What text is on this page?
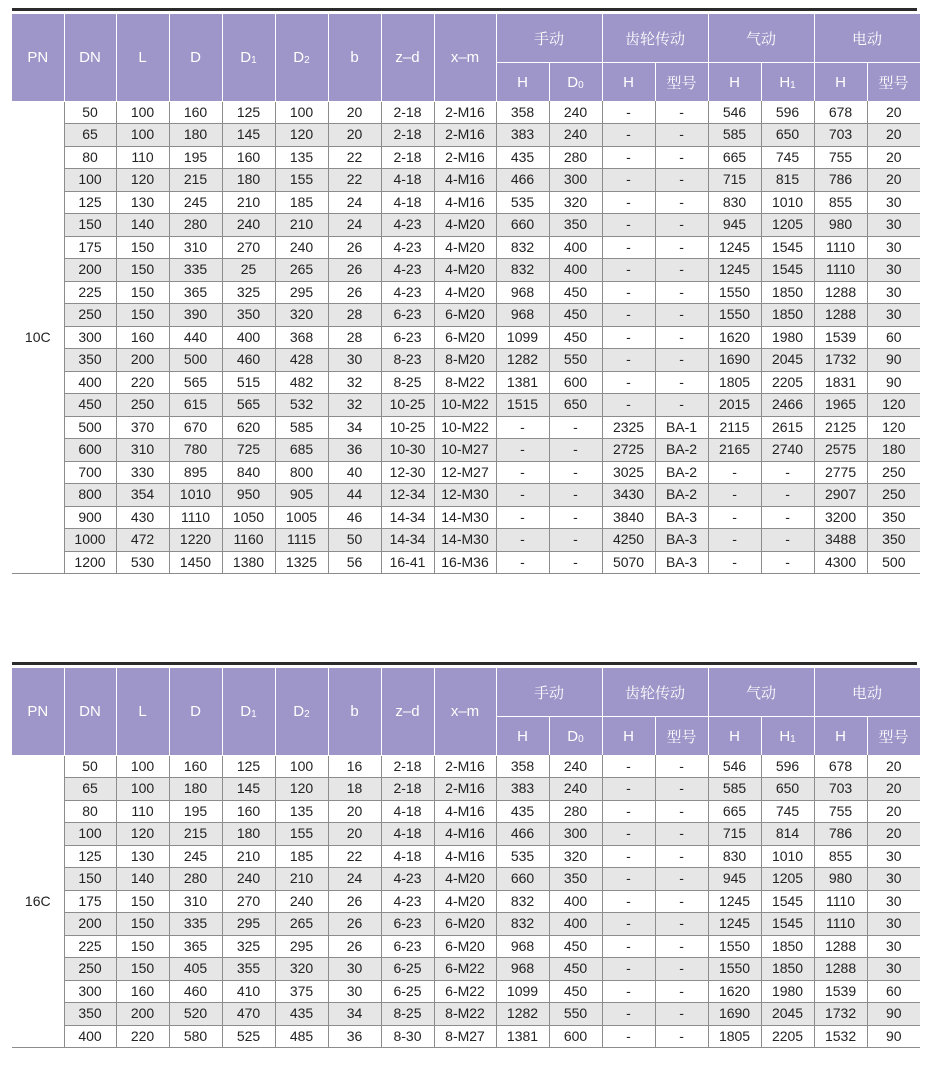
PN	DN	L	D	$D_1$	$D_2$	b	z–d	x–m	手动		齿轮传动		气动		电动	
									H	$D_0$	H	型号	H	$H_1$	H	型号
10C	50	100	160	125	100	20	2-18	2-M16	358	240	-	-	546	596	678	20
	65	100	180	145	120	20	2-18	2-M16	383	240	-	-	585	650	703	20
	80	110	195	160	135	22	2-18	2-M16	435	280	-	-	665	745	755	20
	100	120	215	180	155	22	4-18	4-M16	466	300	-	-	715	815	786	20
	125	130	245	210	185	24	4-18	4-M16	535	320	-	-	830	1010	855	30
	150	140	280	240	210	24	4-23	4-M20	660	350	-	-	945	1205	980	30
	175	150	310	270	240	26	4-23	4-M20	832	400	-	-	1245	1545	1110	30
	200	150	335	25	265	26	4-23	4-M20	832	400	-	-	1245	1545	1110	30
	225	150	365	325	295	26	4-23	4-M20	968	450	-	-	1550	1850	1288	30
	250	150	390	350	320	28	6-23	6-M20	968	450	-	-	1550	1850	1288	30
	300	160	440	400	368	28	6-23	6-M20	1099	450	-	-	1620	1980	1539	60
	350	200	500	460	428	30	8-23	8-M20	1282	550	-	-	1690	2045	1732	90
	400	220	565	515	482	32	8-25	8-M22	1381	600	-	-	1805	2205	1831	90
	450	250	615	565	532	32	10-25	10-M22	1515	650	-	-	2015	2466	1965	120
	500	370	670	620	585	34	10-25	10-M22	-	-	2325	BA-1	2115	2615	2125	120
	600	310	780	725	685	36	10-30	10-M27	-	-	2725	BA-2	2165	2740	2575	180
	700	330	895	840	800	40	12-30	12-M27	-	-	3025	BA-2	-	-	2775	250
	800	354	1010	950	905	44	12-34	12-M30	-	-	3430	BA-2	-	-	2907	250
	900	430	1110	1050	1005	46	14-34	14-M30	-	-	3840	BA-3	-	-	3200	350
	1000	472	1220	1160	1115	50	14-34	14-M30	-	-	4250	BA-3	-	-	3488	350
	1200	530	1450	1380	1325	56	16-41	16-M36	-	-	5070	BA-3	-	-	4300	500
PN	DN	L	D	$D_1$	$D_2$	b	z–d	x–m	手动		齿轮传动		气动		电动	
									H	$D_0$	H	型号	H	$H_1$	H	型号
16C	50	100	160	125	100	16	2-18	2-M16	358	240	-	-	546	596	678	20
	65	100	180	145	120	18	2-18	2-M16	383	240	-	-	585	650	703	20
	80	110	195	160	135	20	4-18	4-M16	435	280	-	-	665	745	755	20
	100	120	215	180	155	20	4-18	4-M16	466	300	-	-	715	814	786	20
	125	130	245	210	185	22	4-18	4-M16	535	320	-	-	830	1010	855	30
	150	140	280	240	210	24	4-23	4-M20	660	350	-	-	945	1205	980	30
	175	150	310	270	240	26	4-23	4-M20	832	400	-	-	1245	1545	1110	30
	200	150	335	295	265	26	6-23	6-M20	832	400	-	-	1245	1545	1110	30
	225	150	365	325	295	26	6-23	6-M20	968	450	-	-	1550	1850	1288	30
	250	150	405	355	320	30	6-25	6-M22	968	450	-	-	1550	1850	1288	30
	300	160	460	410	375	30	6-25	6-M22	1099	450	-	-	1620	1980	1539	60
	350	200	520	470	435	34	8-25	8-M22	1282	550	-	-	1690	2045	1732	90
	400	220	580	525	485	36	8-30	8-M27	1381	600	-	-	1805	2205	1532	90
